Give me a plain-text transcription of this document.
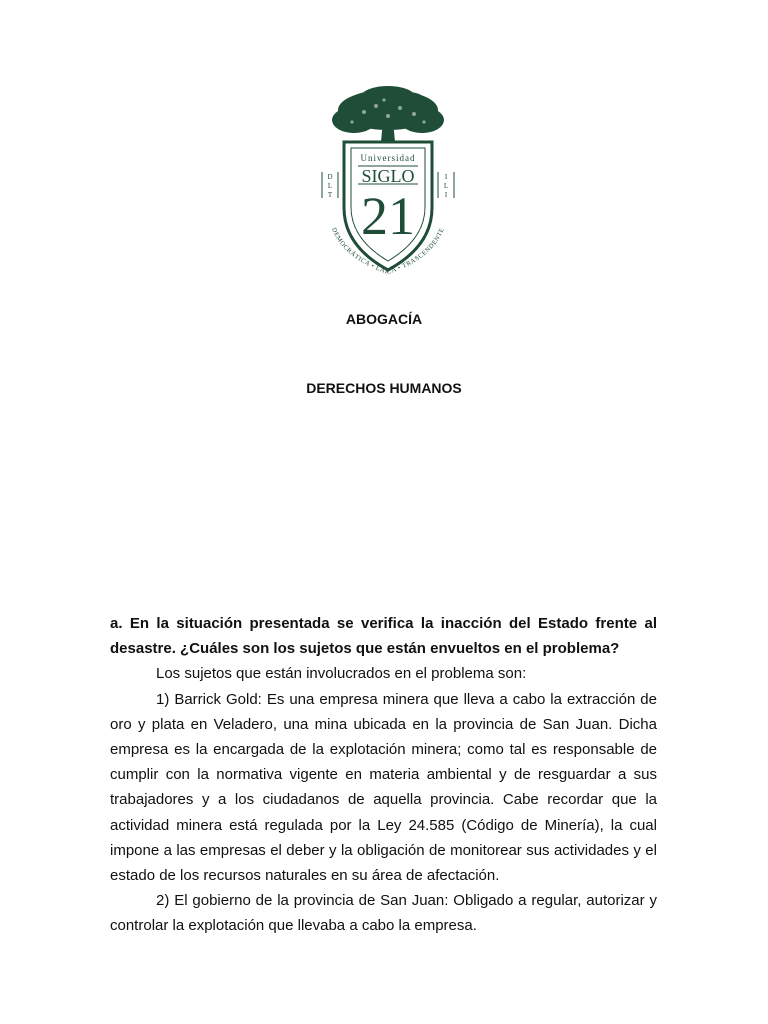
Universidad
SIGLO
21
D
L
T
I
L
I
DEMOCRÁTICA • LAICA • TRASCENDENTE
ABOGACÍA
DERECHOS HUMANOS

a. En la situación presentada se verifica la inacción del Estado frente al desastre. ¿Cuáles son los sujetos que están envueltos en el problema?

Los sujetos que están involucrados en el problema son:

1) Barrick Gold: Es una empresa minera que lleva a cabo la extracción de oro y plata en Veladero, una mina ubicada en la provincia de San Juan. Dicha empresa es la encargada de la explotación minera; como tal es responsable de cumplir con la normativa vigente en materia ambiental y de resguardar a sus trabajadores y a los ciudadanos de aquella provincia. Cabe recordar que la actividad minera está regulada por la Ley 24.585 (Código de Minería), la cual impone a las empresas el deber y la obligación de monitorear sus actividades y el estado de los recursos naturales en su área de afectación.

2) El gobierno de la provincia de San Juan: Obligado a regular, autorizar y controlar la explotación que llevaba a cabo la empresa.
